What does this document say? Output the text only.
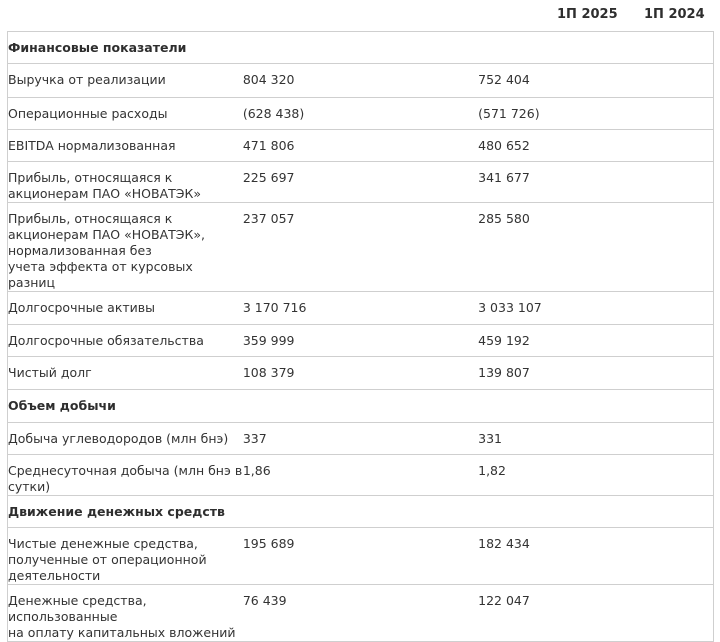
1П 2025 1П 2024
Финансовые показатели		

Выручка от реализации	804 320	752 404

Операционные расходы	(628 438)	(571 726)

EBITDA нормализованная	471 806	480 652

Прибыль, относящаяся к акционерам ПАО «НОВАТЭК»	225 697	341 677

Прибыль, относящаяся к акционерам ПАО «НОВАТЭК», нормализованная без
учета эффекта от курсовых разниц	237 057	285 580

Долгосрочные активы	3 170 716	3 033 107

Долгосрочные обязательства	359 999	459 192

Чистый долг	108 379	139 807

Объем добычи		

Добыча углеводородов (млн бнэ)	337	331

Среднесуточная добыча (млн бнэ в сутки)	1,86	1,82

Движение денежных средств		

Чистые денежные средства,
полученные от операционной деятельности	195 689	182 434

Денежные средства, использованные
на оплату капитальных вложений	76 439	122 047
